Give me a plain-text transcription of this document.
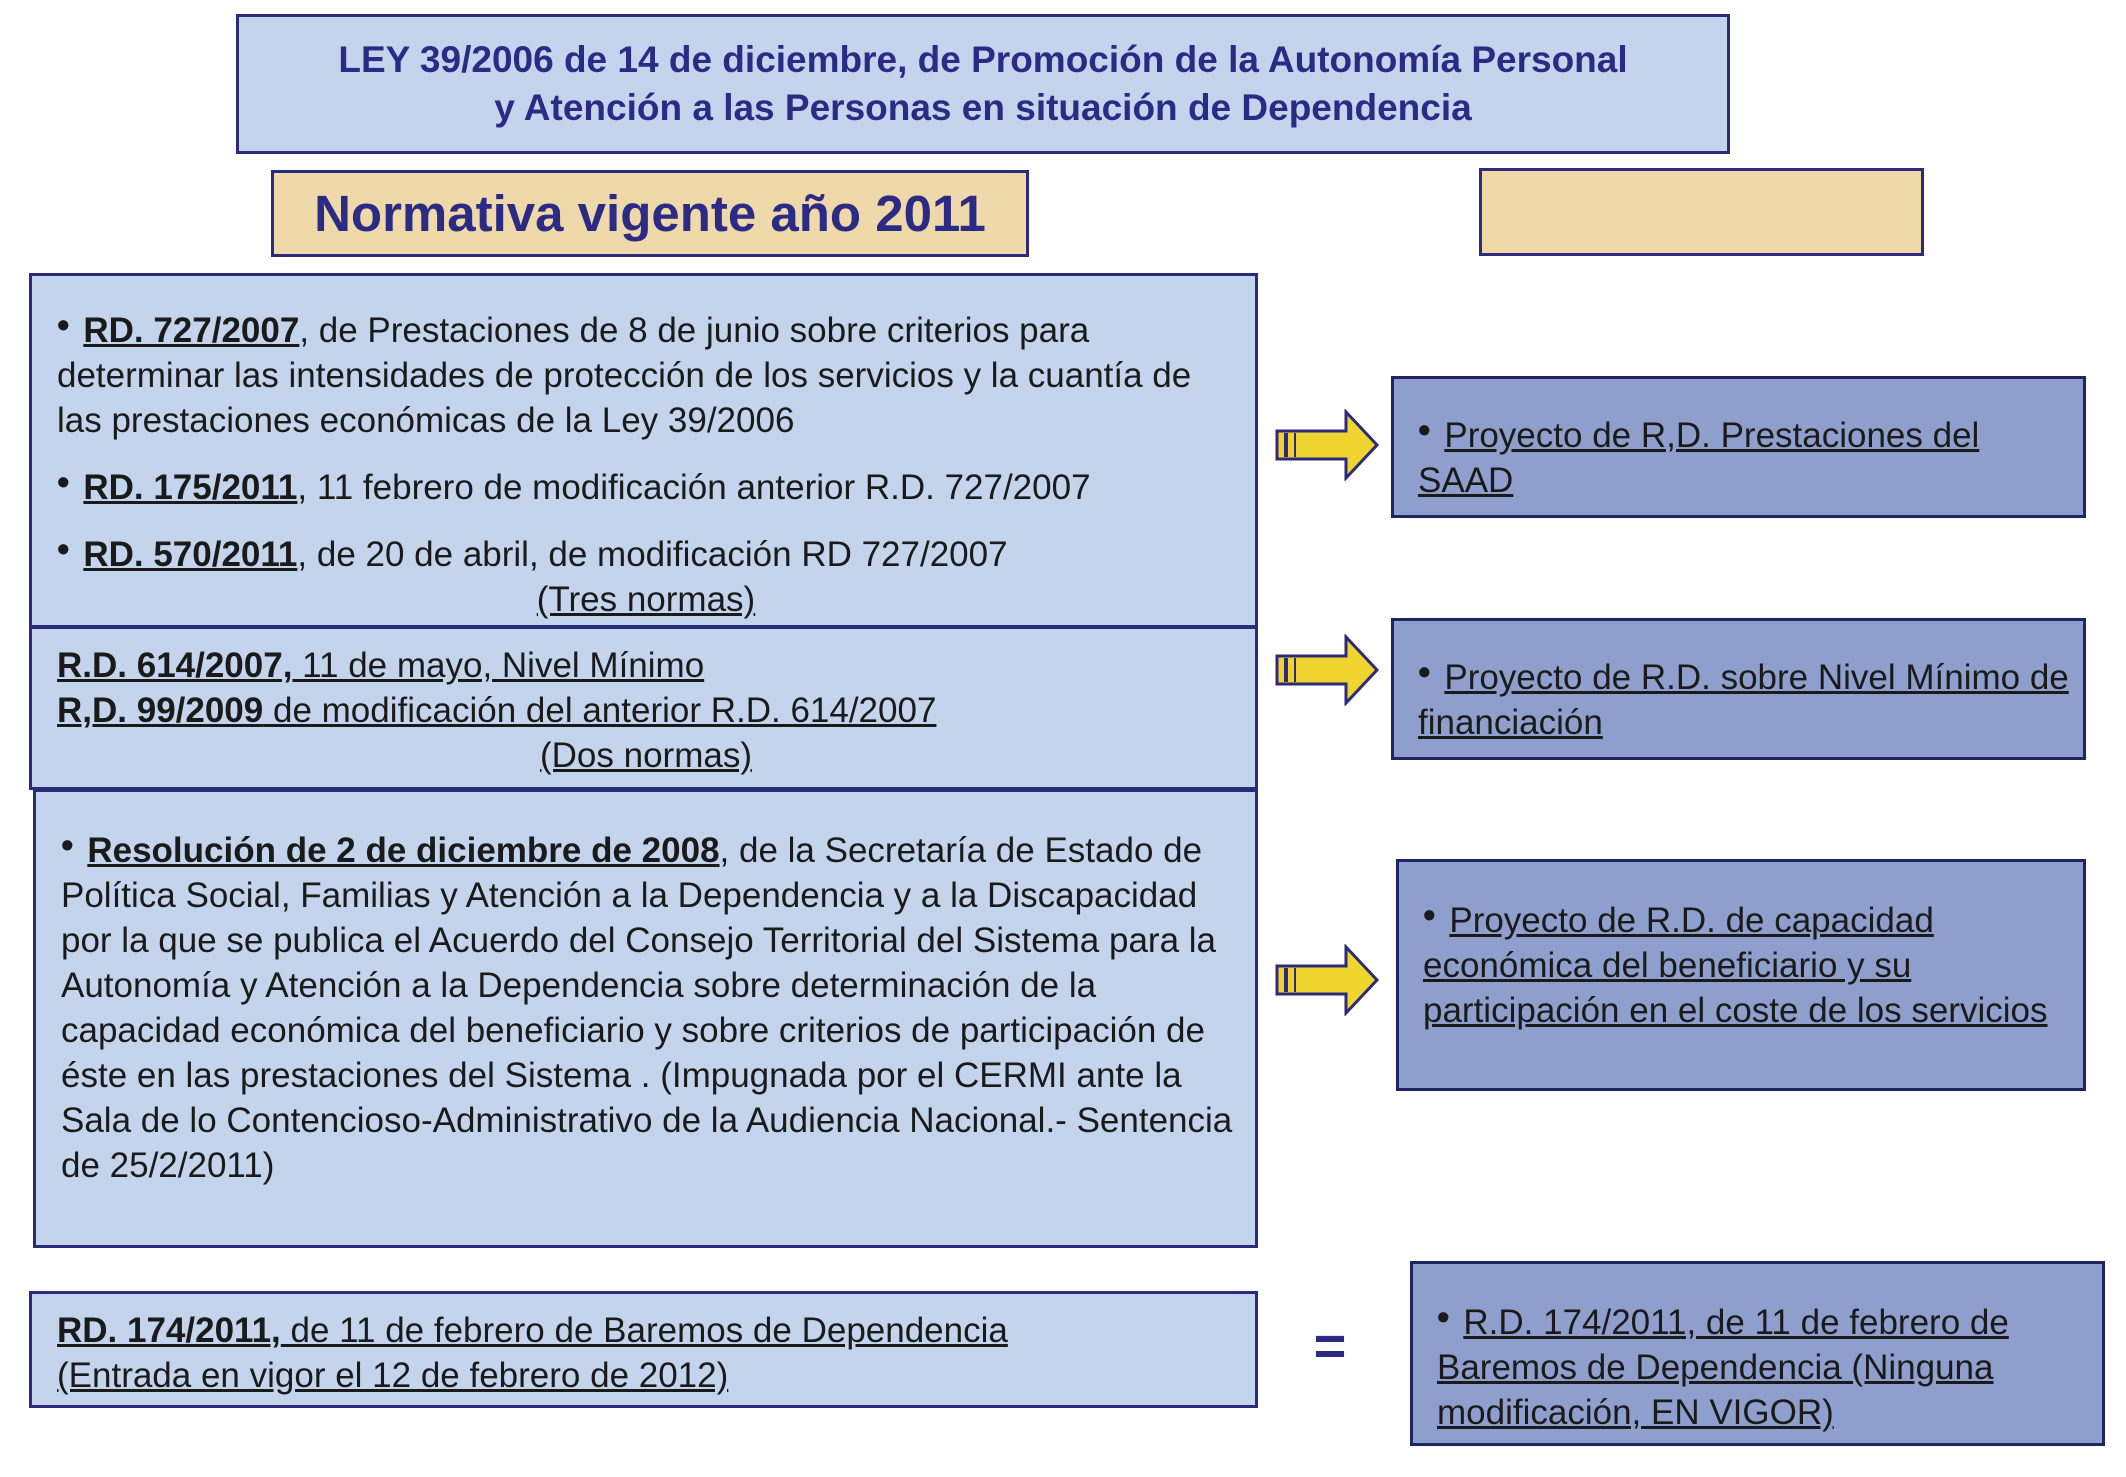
LEY 39/2006 de 14 de diciembre, de Promoción de la Autonomía Personal
y Atención a las Personas en situación de Dependencia
Normativa vigente año 2011

• RD. 727/2007, de Prestaciones de 8 de junio sobre criterios para determinar las intensidades de protección de los servicios y la cuantía de las prestaciones económicas de la Ley 39/2006

• RD. 175/2011, 11 febrero de modificación anterior R.D. 727/2007

• RD. 570/2011, de 20 de abril, de modificación RD 727/2007

(Tres normas)

R.D. 614/2007, 11 de mayo, Nivel Mínimo

R,D. 99/2009 de modificación del anterior R.D. 614/2007

(Dos normas)

• Resolución de 2 de diciembre de 2008, de la Secretaría de Estado de Política Social, Familias y Atención a la Dependencia y a la Discapacidad por la que se publica el Acuerdo del Consejo Territorial del Sistema para la Autonomía y Atención a la Dependencia sobre determinación de la capacidad económica del beneficiario y sobre criterios de participación de éste en las prestaciones del Sistema . (Impugnada por el CERMI ante la Sala de lo Contencioso-Administrativo de la Audiencia Nacional.- Sentencia de 25/2/2011)

RD. 174/2011, de 11 de febrero de Baremos de Dependencia

(Entrada en vigor el 12 de febrero de 2012)	=

• Proyecto de R,D. Prestaciones del SAAD

• Proyecto de R.D. sobre Nivel Mínimo de financiación

• Proyecto de R.D. de capacidad económica del beneficiario y su participación en el coste de los servicios

• R.D. 174/2011, de 11 de febrero de Baremos de Dependencia (Ninguna modificación, EN VIGOR)
